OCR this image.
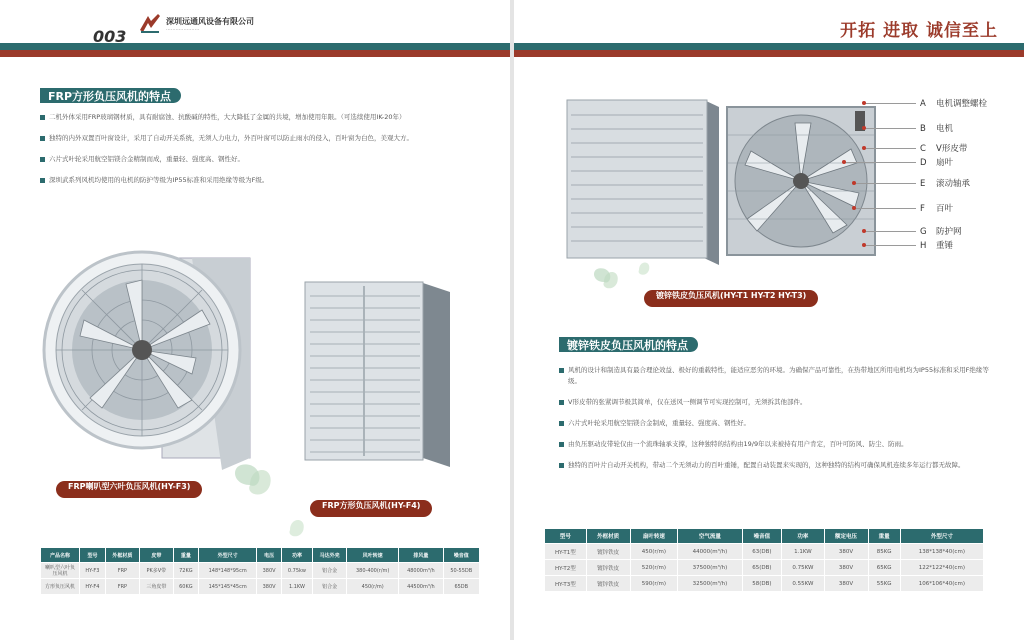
003
深圳远通风设备有限公司
·····················
FRP方形负压风机的特点
二机外体采用FRP玻璃钢材质，具有耐腐蚀、抗酸碱的特性，大大降低了金属的共境，增加使用年限。（可选续使用IK-20年）
独特的内外双置百叶窗设计，采用了自动开关系统，无须人力电力，外百叶窗可以防止雨水的侵入，百叶窗为白色，美观大方。
六片式叶轮采用航空铝镁合金精制而成，重量轻、强度高、钢性好。
深圳武系列风机均使用的电机的防护等级为IP55标准和采用绝缘等级为F级。
FRP喇叭型六叶负压风机(HY-F3)
FRP方形负压风机(HY-F4)
产品名称	型号	外框材质	皮带	重量	外型尺寸	电压	功率	马达外壳	风叶转速	排风量	噪音值
喇叭型六叶负压风机	HY-F3	FRP	PK多V带	72KG	148*148*95cm	380V	0.75kw	铝合金	380-400(r/m)	48000m³/h	50-55DB
方形负压风机	HY-F4	FRP	三角皮带	60KG	145*145*45cm	380V	1.1KW	铝合金	450(r/m)	44500m³/h	65DB
开拓 进取 诚信至上
A 电机调整螺栓
B 电机
C V形皮带
D 扇叶
E 滚动轴承
F 百叶
G 防护网
H 重锤
镀锌铁皮负压风机(HY-T1 HY-T2 HY-T3)
镀锌铁皮负压风机的特点
风机的设计和制造具有最合理论效益、极好的重载特性，能适应恶劣的环境。为确保产品可靠性，在热带地区所用电机均为IP55标准和采用F绝缘等级。
V形皮带的张紧调节极其简单，仅在送风一侧调节可实现控制可，无须拆其他部件。
六片式叶轮采用航空铝镁合金制成，重量轻、强度高、钢性好。
由负压驱动皮带轮仅由一个流珠轴承支撑，这种独特的结构由19/9年以来被持有用户肯定，百叶可防风、防尘、防雨。
独特的百叶片自动开关机构，带动二个无须动力的百叶重锤，配置自动装置来实现的，这种独特的结构可确保风机连续多年运行都无故障。
型号	外框材质	扇叶转速	空气流量	噪音值	功率	额定电压	重量	外型尺寸
HY-T1型	镀锌铁皮	450(r/m)	44000(m³/h)	63(DB)	1.1KW	380V	85KG	138*138*40(cm)
HY-T2型	镀锌铁皮	520(r/m)	37500(m³/h)	65(DB)	0.75KW	380V	65KG	122*122*40(cm)
HY-T3型	镀锌铁皮	590(r/m)	32500(m³/h)	58(DB)	0.55KW	380V	55KG	106*106*40(cm)
